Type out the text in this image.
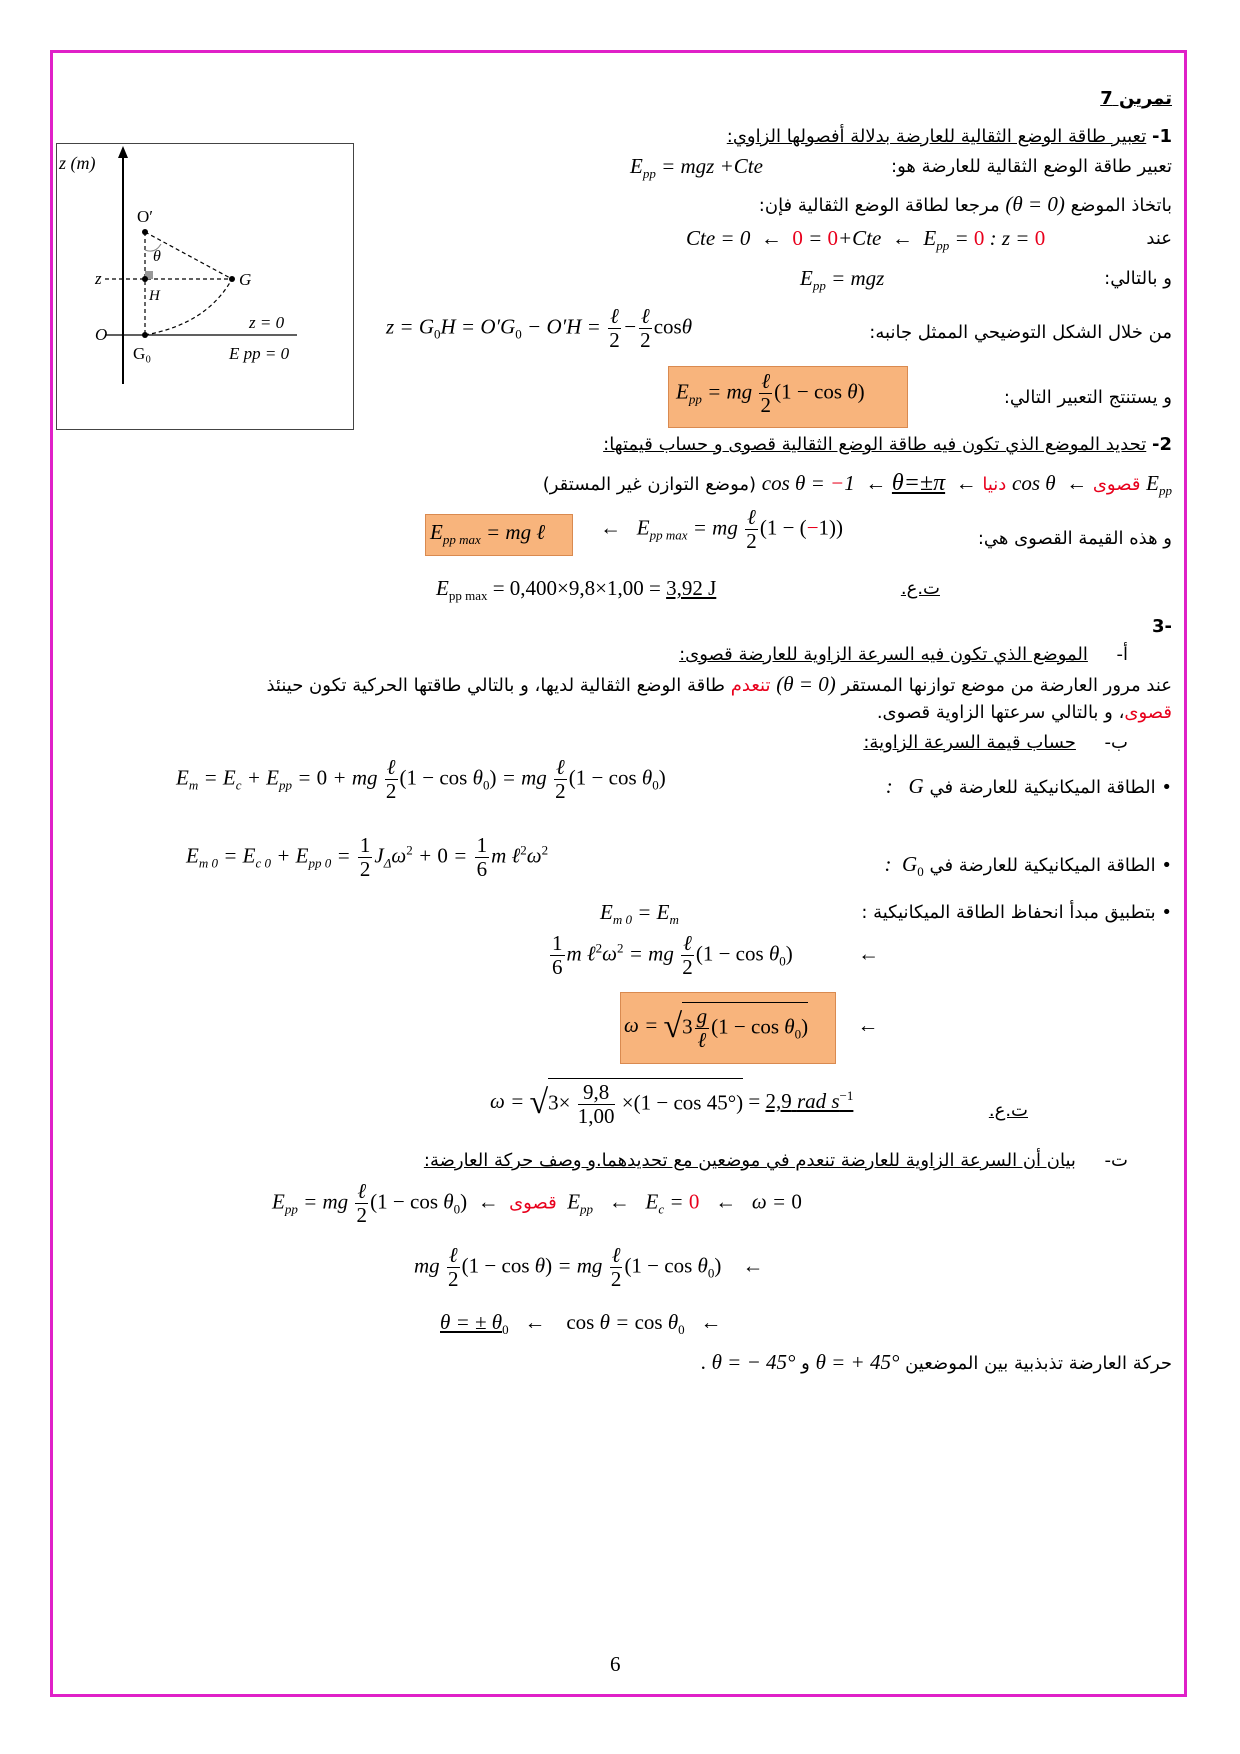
z (m)
O′
θ
z
H
G
O
G₀
z = 0
E pp = 0
تمرين 7
1- تعبير طاقة الوضع الثقالية للعارضة بدلالة أفصولها الزاوي:
تعبير طاقة الوضع الثقالية للعارضة هو:
$E_{pp}$ = mgz +Cte
باتخاذ الموضع (θ = 0) مرجعا لطاقة الوضع الثقالية فإن:
عند
Cte = 0  ←  0 = 0+Cte  ←  $E_{pp} = 0$ : z = 0
و بالتالي:
$E_{pp}$ = mgz
من خلال الشكل التوضيحي الممثل جانبه:
$z = G_0H = O'G_0 - O'H = \frac{\text{ℓ}}{2} - \frac{\text{ℓ}}{2}$ cosθ
و يستنتج التعبير التالي:
$E_{pp}$ = mg $\frac{\text{ℓ}}{2} (1 - \cos \theta)$
2- تحديد الموضع الذي تكون فيه طاقة الوضع الثقالية قصوى و حساب قيمتها:
$E_{pp}$ قصوى ←  cos θ دنيا ←  cos θ = −1  ← θ=±π (موضع التوازن غير المستقر)
و هذه القيمة القصوى هي:
$E_{pp max}$ = mg ℓ	←   $E_{pp max}$ = mg $\frac{\text{ℓ}}{2} (1 - (-1))$
ت.ع.
$E_{pp max} = 0,400\times 9,8\times 1,00 = 3,92$ J
-3
أ-     الموضع الذي تكون فيه السرعة الزاوية للعارضة قصوى:
عند مرور العارضة من موضع توازنها المستقر (θ = 0) تنعدم طاقة الوضع الثقالية لديها، و بالتالي طاقتها الحركية تكون حينئذ
قصوى، و بالتالي سرعتها الزاوية قصوى.
ب-     حساب قيمة السرعة الزاوية:
• الطاقة الميكانيكية للعارضة في G   :
$E_m = E_c + E_{pp} = 0$ + mg $\frac{\text{ℓ}}{2} (1 - \cos \theta_0)$ = mg $\frac{\text{ℓ}}{2} (1 - \cos \theta_0)$
• الطاقة الميكانيكية للعارضة في $G_0$  :
$E_{m 0} = E_{c 0} + E_{pp 0} = \frac{1}{2} J_\Delta\omega^2 + 0 = \frac{1}{6}$ m $\ell^2\omega^2$
• بتطبيق مبدأ انحفاظ الطاقة الميكانيكية :
$E_{m 0} = E_m$
$\frac{1}{6}$ m $\ell^2\omega^2$ = mg $\frac{\text{ℓ}}{2} (1 - \cos \theta_0)$	←
$\omega = √3 \frac{g}{\text{ℓ}} (1 - \cos \theta_0)$ ←
ت.ع.
$\omega = √3\times \frac{9,8}{1,00} \times(1 - \cos 45^\circ) = 2,9$ rad $s^{-1}$
ت-     بيان أن السرعة الزاوية للعارضة تنعدم في موضعين مع تحديدهما.و وصف حركة العارضة:
$E_{pp}$ = mg $\frac{\text{ℓ}}{2} (1 - \cos \theta_0)$  ←  قصوى  $E_{pp}$   ←   $E_c = 0$   ←   ω = 0
mg $\frac{\text{ℓ}}{2} (1 - \cos \theta)$ = mg $\frac{\text{ℓ}}{2} (1 - \cos \theta_0)$    ←
θ = ± $\theta_0$   ←    $\cos \theta = \cos \theta_0$   ←
حركة العارضة تذبذبية بين الموضعين θ = + 45° و θ = − 45° .
6
